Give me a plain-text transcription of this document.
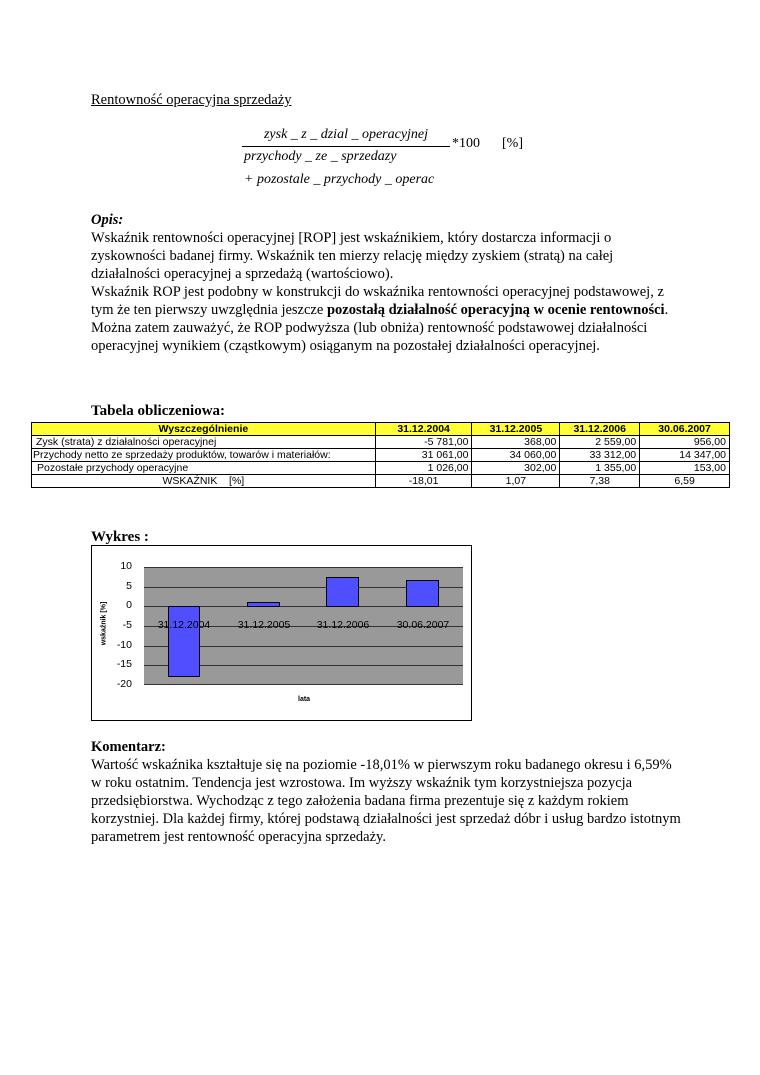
Rentowność operacyjna sprzedaży
zysk _ z _ dzial _ operacyjnej
przychody _ ze _ sprzedazy
+ pozostale _ przychody _ operac
*100 [%]
Opis:
Wskaźnik rentowności operacyjnej [ROP] jest wskaźnikiem, który dostarcza informacji o zyskowności badanej firmy. Wskaźnik ten mierzy relację między zyskiem (stratą) na całej działalności operacyjnej a sprzedażą (wartościowo).
Wskaźnik ROP jest podobny w konstrukcji do wskaźnika rentowności operacyjnej podstawowej, z tym że ten pierwszy uwzględnia jeszcze pozostałą działalność operacyjną w ocenie rentowności. Można zatem zauważyć, że ROP podwyższa (lub obniża) rentowność podstawowej działalności operacyjnej wynikiem (cząstkowym) osiąganym na pozostałej działalności operacyjnej.
Tabela obliczeniowa:
Wyszczególnienie	31.12.2004	31.12.2005	31.12.2006	30.06.2007
Zysk (strata) z działalności operacyjnej	-5 781,00	368,00	2 559,00	956,00
Przychody netto ze sprzedaży produktów, towarów i materiałów:	31 061,00	34 060,00	33 312,00	14 347,00
Pozostałe przychody operacyjne	1 026,00	302,00	1 355,00	153,00
WSKAŹNIK    [%]	-18,01	1,07	7,38	6,59
Wykres :
wskaźnik [%]
10
5
0
-5
-10
-15
-20
31.12.2004	31.12.2005	31.12.2006	30.06.2007
lata
Komentarz:
Wartość wskaźnika kształtuje się na poziomie -18,01% w pierwszym roku badanego okresu i 6,59% w roku ostatnim. Tendencja jest wzrostowa. Im wyższy wskaźnik tym korzystniejsza pozycja przedsiębiorstwa. Wychodząc z tego założenia badana firma prezentuje się z każdym rokiem korzystniej. Dla każdej firmy, której podstawą działalności jest sprzedaż dóbr i usług bardzo istotnym parametrem jest rentowność operacyjna sprzedaży.
